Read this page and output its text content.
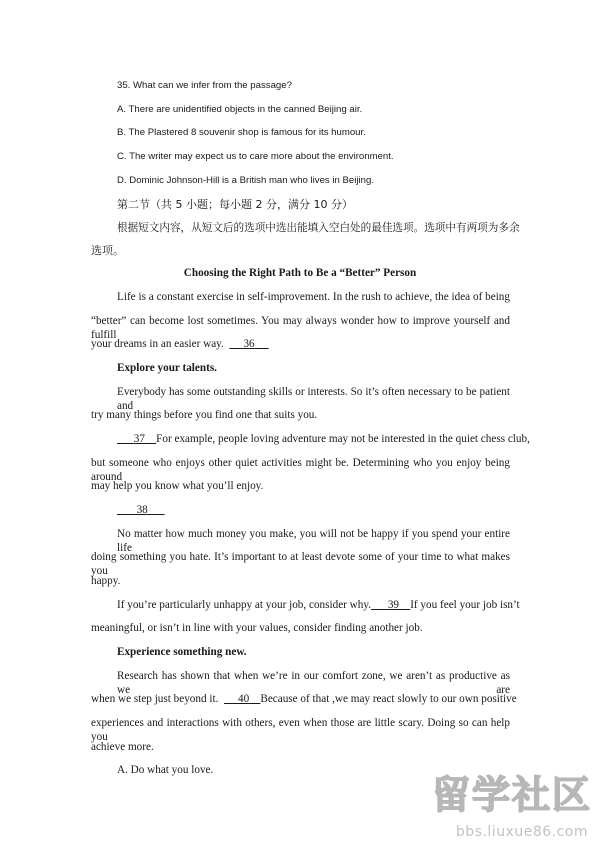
35. What can we infer from the passage?
A. There are unidentified objects in the canned Beijing air.
B. The Plastered 8 souvenir shop is famous for its humour.
C. The writer may expect us to care more about the environment.
D. Dominic Johnson-Hill is a British man who lives in Beijing.
第二节（共 5 小题；每小题 2 分，满分 10 分）
根据短文内容，从短文后的选项中选出能填入空白处的最佳选项。选项中有两项为多余
选项。
Choosing the Right Path to Be a “Better” Person
Life is a constant exercise in self-improvement. In the rush to achieve, the idea of being
“better” can become lost sometimes. You may always wonder how to improve yourself and fulfill
your dreams in an easier way. 36
Explore your talents.
Everybody has some outstanding skills or interests. So it’s often necessary to be patient and
try many things before you find one that suits you.
37 For example, people loving adventure may not be interested in the quiet chess club,
but someone who enjoys other quiet activities might be. Determining who you enjoy being around
may help you know what you’ll enjoy.
38
No matter how much money you make, you will not be happy if you spend your entire life
doing something you hate. It’s important to at least devote some of your time to what makes you
happy.
If you’re particularly unhappy at your job, consider why. 39 If you feel your job isn’t
meaningful, or isn’t in line with your values, consider finding another job.
Experience something new.
Research has shown that when we’re in our comfort zone, we aren’t as productive as we are
when we step just beyond it. 40 Because of that ,we may react slowly to our own positive
experiences and interactions with others, even when those are little scary. Doing so can help you
achieve more.
A. Do what you love.
留学社区
bbs.liuxue86.com
